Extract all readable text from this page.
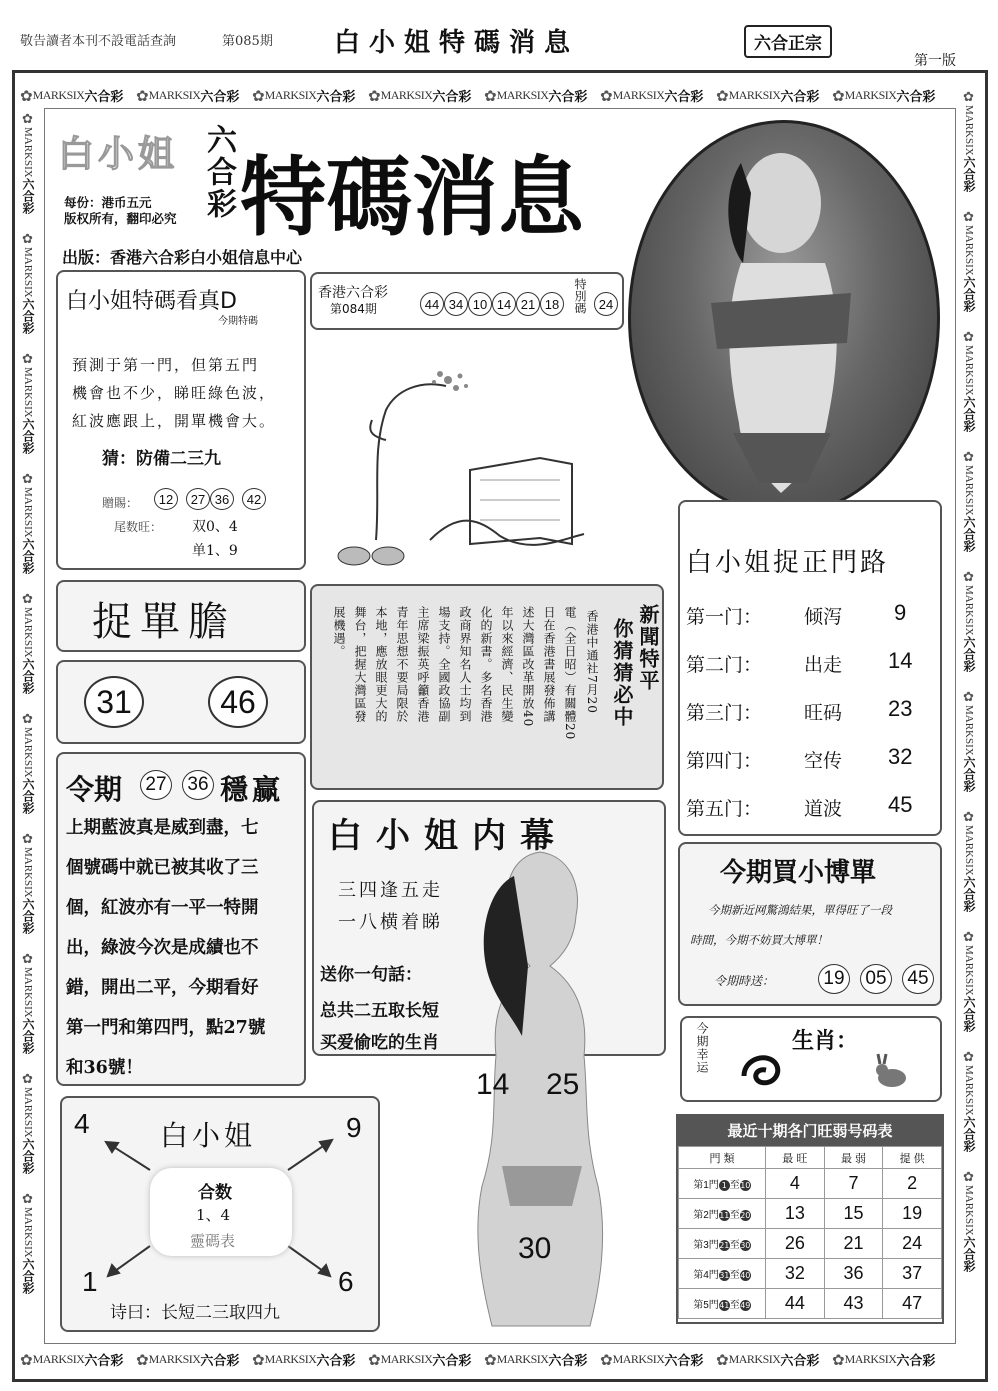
敬告讀者本刊不設電話查詢	第085期 白小姐特碼消息	六合正宗
第一版
✿ MARKSIX 六合彩 ✿ MARKSIX 六合彩 ✿ MARKSIX 六合彩 ✿ MARKSIX 六合彩 ✿ MARKSIX 六合彩 ✿ MARKSIX 六合彩 ✿ MARKSIX 六合彩 ✿ MARKSIX 六合彩
✿ MARKSIX 六合彩 ✿ MARKSIX 六合彩 ✿ MARKSIX 六合彩 ✿ MARKSIX 六合彩 ✿ MARKSIX 六合彩 ✿ MARKSIX 六合彩 ✿ MARKSIX 六合彩 ✿ MARKSIX 六合彩
✿MARKSIX六合彩
✿MARKSIX六合彩
✿MARKSIX六合彩
✿MARKSIX六合彩
✿MARKSIX六合彩
✿MARKSIX六合彩
✿MARKSIX六合彩
✿MARKSIX六合彩
✿MARKSIX六合彩
✿MARKSIX六合彩
✿MARKSIX六合彩
✿MARKSIX六合彩
✿MARKSIX六合彩
✿MARKSIX六合彩
✿MARKSIX六合彩
✿MARKSIX六合彩
✿MARKSIX六合彩
✿MARKSIX六合彩
✿MARKSIX六合彩
✿MARKSIX六合彩
白小姐 六合彩
每份：港币五元
版权所有，翻印必究 特碼消息
出版：香港六合彩白小姐信息中心
白小姐特碼看真D
今期特碼
預測于第一門，但第五門
機會也不少，睇旺綠色波，
紅波應跟上，開單機會大。
猜：防備二三九
贈賜：	12	27 36	42
尾数旺： 双0、4
单1、9
捉單膽
31	46
令期 27 36 穩赢
上期藍波真是威到盡，七
個號碼中就已被其收了三
個，紅波亦有一平一特開
出，綠波今次是成績也不
錯，開出二平，今期看好
第一門和第四門，點27號
和36號！
白小姐
4	9
1	6
合数
1、4
靈碼表
诗曰：长短二三取四九
香港六合彩
第084期	44 34 10 14 21 18	特別碼 24
新聞特平
你猜猜必中
香港中通社7月20
電（全日昭）有關體20
日在香港書展發佈講
述大灣區改革開放40
年以來經濟、民生變
化的新書。多名香港
政商界知名人士均到
場支持。全國政協副
主席梁振英呼籲香港
青年思想不要局限於
本地，應放眼更大的
舞台，把握大灣區發
展機遇。
白小姐内幕
三四逢五走
一八横着睇
送你一句話：
总共二五取长短
买爱偷吃的生肖
14 25
30
白小姐捉正門路
第一门： 倾泻 9
第二门： 出走 14
第三门： 旺码 23
第四门： 空传 32
第五门： 道波 45
今期買小博單
今期新近网驚鴻結果，單得旺了一段
時間，今期不妨買大博單！
令期時送：	19 05 45
今期幸运	生肖：
最近十期各门旺弱号码表
門 類	最 旺	最 弱	提 供
第1門 1 至10	4	7	2
第2門11至20	13	15	19
第3門21至30	26	21	24
第4門31至40	32	36	37
第5門41至49	44	43	47
